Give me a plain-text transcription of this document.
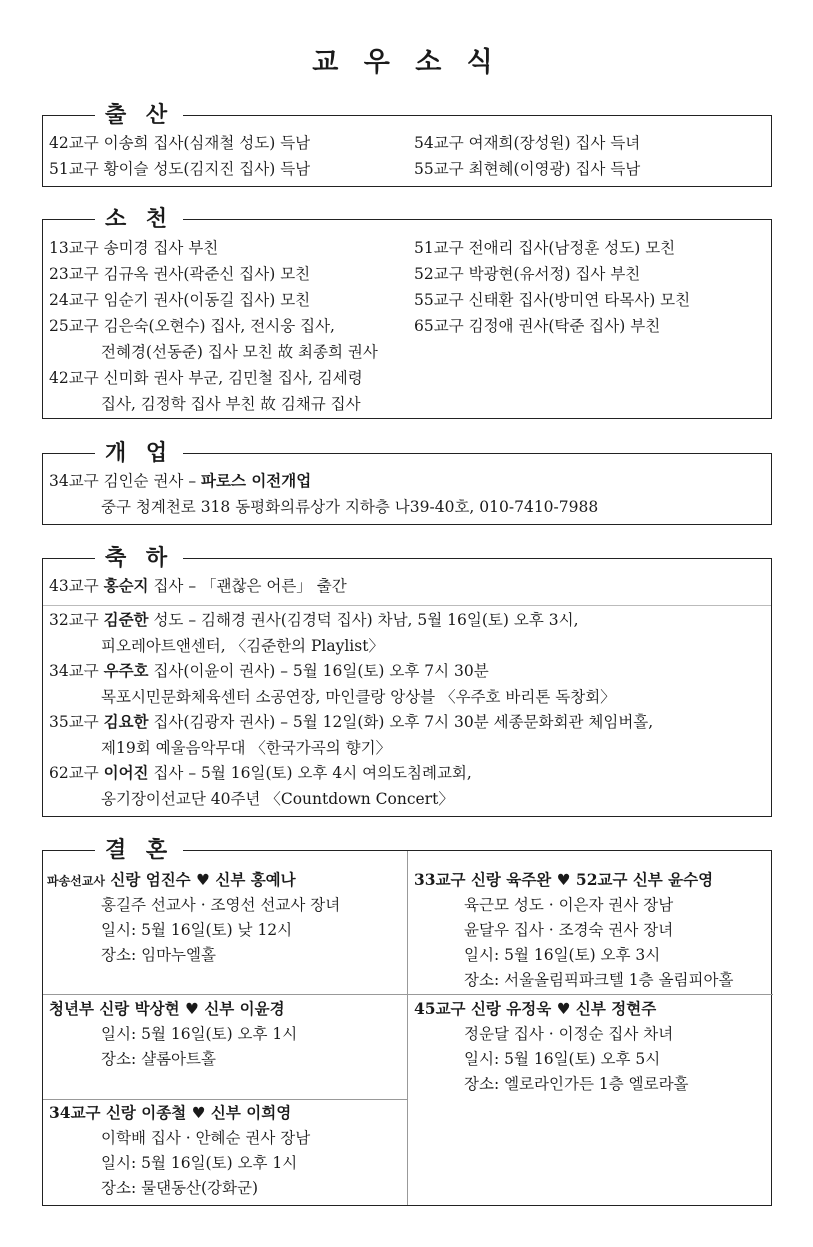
교 우 소 식
출 산
42교구 이송희 집사(심재철 성도) 득남
51교구 황이슬 성도(김지진 집사) 득남
54교구 여재희(장성원) 집사 득녀
55교구 최현혜(이영광) 집사 득남
소 천
13교구 송미경 집사 부친
23교구 김규옥 권사(곽준신 집사) 모친
24교구 임순기 권사(이동길 집사) 모친
25교구 김은숙(오현수) 집사, 전시웅 집사,
전혜경(선동준) 집사 모친 故 최종희 권사
42교구 신미화 권사 부군, 김민철 집사, 김세령
집사, 김정학 집사 부친 故 김채규 집사
51교구 전애리 집사(남정훈 성도) 모친
52교구 박광현(유서정) 집사 부친
55교구 신태환 집사(방미연 타목사) 모친
65교구 김정애 권사(탁준 집사) 부친
개 업
34교구 김인순 권사 – 파로스 이전개업
중구 청계천로 318 동평화의류상가 지하층 나39-40호, 010-7410-7988
축 하
43교구 홍순지 집사 – 「괜찮은 어른」 출간
32교구 김준한 성도 – 김해경 권사(김경덕 집사) 차남, 5월 16일(토) 오후 3시,
피오레아트앤센터, 〈김준한의 Playlist〉
34교구 우주호 집사(이윤이 권사) – 5월 16일(토) 오후 7시 30분
목포시민문화체육센터 소공연장, 마인클랑 앙상블 〈우주호 바리톤 독창회〉
35교구 김요한 집사(김광자 권사) – 5월 12일(화) 오후 7시 30분 세종문화회관 체임버홀,
제19회 예울음악무대 〈한국가곡의 향기〉
62교구 이어진 집사 – 5월 16일(토) 오후 4시 여의도침례교회,
옹기장이선교단 40주년 〈Countdown Concert〉
결 혼
파송선교사 신랑 엄진수 ♥ 신부 홍예나
홍길주 선교사 · 조영선 선교사 장녀
일시: 5월 16일(토) 낮 12시
장소: 임마누엘홀
33교구 신랑 육주완 ♥ 52교구 신부 윤수영
육근모 성도 · 이은자 권사 장남
윤달우 집사 · 조경숙 권사 장녀
일시: 5월 16일(토) 오후 3시
장소: 서울올림픽파크텔 1층 올림피아홀
청년부 신랑 박상현 ♥ 신부 이윤경
일시: 5월 16일(토) 오후 1시
장소: 샬롬아트홀
45교구 신랑 유정욱 ♥ 신부 정현주
정운달 집사 · 이정순 집사 차녀
일시: 5월 16일(토) 오후 5시
장소: 엘로라인가든 1층 엘로라홀
34교구 신랑 이종철 ♥ 신부 이희영
이학배 집사 · 안혜순 권사 장남
일시: 5월 16일(토) 오후 1시
장소: 물댄동산(강화군)
